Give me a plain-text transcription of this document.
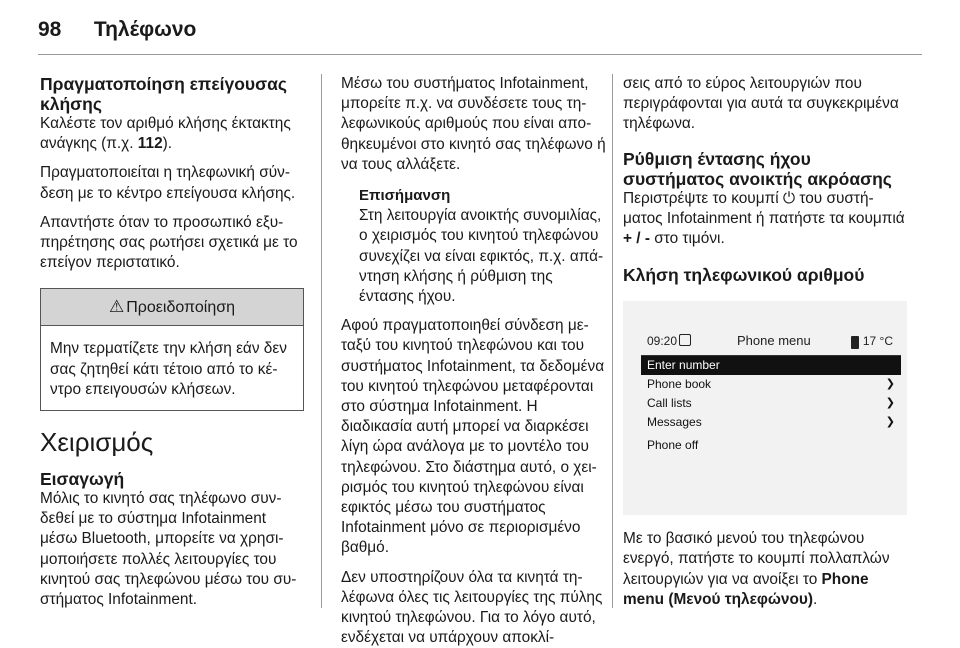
98 Τηλέφωνο
Πραγματοποίηση επείγουσας κλήσης

Καλέστε τον αριθμό κλήσης έκτακτης ανάγκης (π.χ. 112).

Πραγματοποιείται η τηλεφωνική σύνδεση με το κέντρο επείγουσα κλήσης.

Απαντήστε όταν το προσωπικό εξυπηρέτησης σας ρωτήσει σχετικά με το επείγον περιστατικό.

⚠ Προειδοποίηση
Μην τερματίζετε την κλήση εάν δεν σας ζητηθεί κάτι τέτοιο από το κέντρο επειγουσών κλήσεων.
Χειρισμός
Εισαγωγή

Μόλις το κινητό σας τηλέφωνο συνδεθεί με το σύστημα Infotainment μέσω Bluetooth, μπορείτε να χρησιμοποιήσετε πολλές λειτουργίες του κινητού σας τηλεφώνου μέσω του συστήματος Infotainment.

Μέσω του συστήματος Infotainment, μπορείτε π.χ. να συνδέσετε τους τηλεφωνικούς αριθμούς που είναι αποθηκευμένοι στο κινητό σας τηλέφωνο ή να τους αλλάξετε.

Επισήμανση
Στη λειτουργία ανοικτής συνομιλίας, ο χειρισμός του κινητού τηλεφώνου συνεχίζει να είναι εφικτός, π.χ. απάντηση κλήσης ή ρύθμιση της έντασης ήχου.

Αφού πραγματοποιηθεί σύνδεση μεταξύ του κινητού τηλεφώνου και του συστήματος Infotainment, τα δεδομένα του κινητού τηλεφώνου μεταφέρονται στο σύστημα Infotainment. Η διαδικασία αυτή μπορεί να διαρκέσει λίγη ώρα ανάλογα με το μοντέλο του τηλεφώνου. Στο διάστημα αυτό, ο χειρισμός του κινητού τηλεφώνου είναι εφικτός μέσω του συστήματος Infotainment μόνο σε περιορισμένο βαθμό.

Δεν υποστηρίζουν όλα τα κινητά τηλέφωνα όλες τις λειτουργίες της πύλης κινητού τηλεφώνου. Για το λόγο αυτό, ενδέχεται να υπάρχουν αποκλί-

σεις από το εύρος λειτουργιών που περιγράφονται για αυτά τα συγκεκριμένα τηλέφωνα.

Ρύθμιση έντασης ήχου συστήματος ανοικτής ακρόασης

Περιστρέψτε το κουμπί ⏻ του συστήματος Infotainment ή πατήστε τα κουμπιά + / - στο τιμόνι.

Κλήση τηλεφωνικού αριθμού
09:20	Phone menu	17 °C
Enter number
Phone book	❯
Call lists	❯
Messages	❯
Phone off

Με το βασικό μενού του τηλεφώνου ενεργό, πατήστε το κουμπί πολλαπλών λειτουργιών για να ανοίξει το Phone menu (Μενού τηλεφώνου).
